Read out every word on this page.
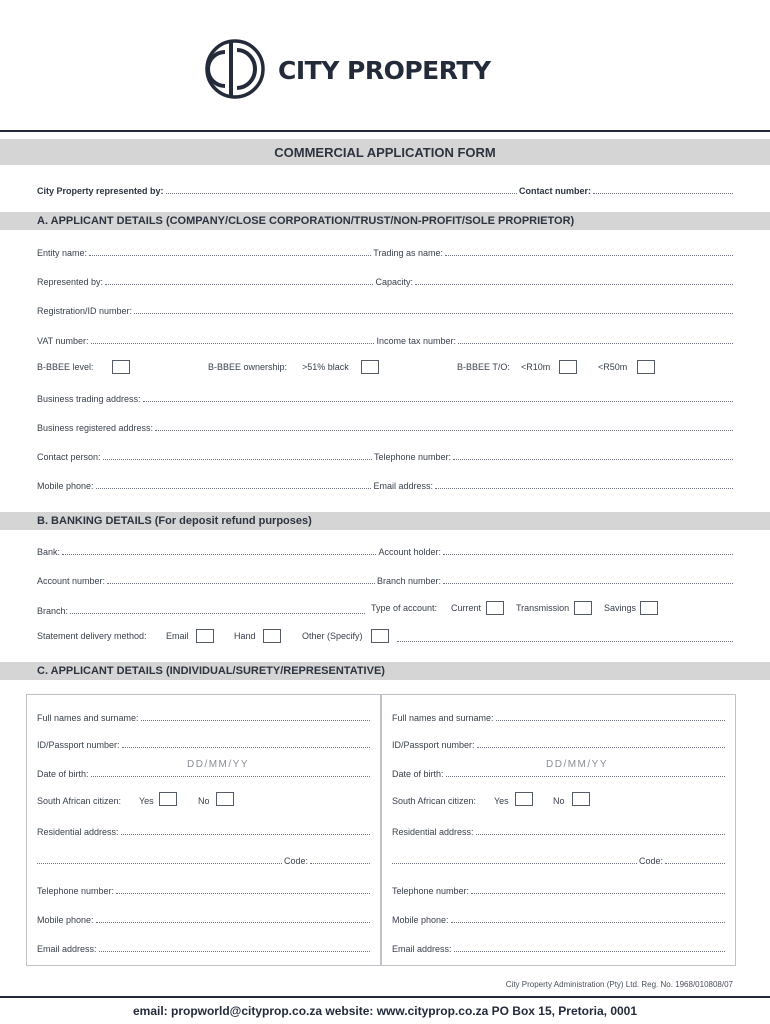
CITY PROPERTY
COMMERCIAL APPLICATION FORM
City Property represented by:	Contact number:
A. APPLICANT DETAILS (COMPANY/CLOSE CORPORATION/TRUST/NON-PROFIT/SOLE PROPRIETOR)
Entity name:	Trading as name:
Represented by:	Capacity:
Registration/ID number:
VAT number:	Income tax number:
B-BBEE level:	B-BBEE ownership: >51% black	B-BBEE T/O: <R10m	<R50m
Business trading address:
Business registered address:
Contact person:	Telephone number:
Mobile phone:	Email address:
B. BANKING DETAILS (For deposit refund purposes)
Bank:	Account holder:
Account number:	Branch number:
Branch:	Type of account: Current	Transmission	Savings
Statement delivery method: Email	Hand	Other (Specify)
C. APPLICANT DETAILS (INDIVIDUAL/SURETY/REPRESENTATIVE)
Full names and surname:
ID/Passport number:
DD/MM/YY
Date of birth:
South African citizen: Yes	No
Residential address:
Code:
Telephone number:
Mobile phone:
Email address:
Full names and surname:
ID/Passport number:
DD/MM/YY
Date of birth:
South African citizen: Yes	No
Residential address:
Code:
Telephone number:
Mobile phone:
Email address:
City Property Administration (Pty) Ltd. Reg. No. 1968/010808/07
email: propworld@cityprop.co.za website: www.cityprop.co.za PO Box 15, Pretoria, 0001
